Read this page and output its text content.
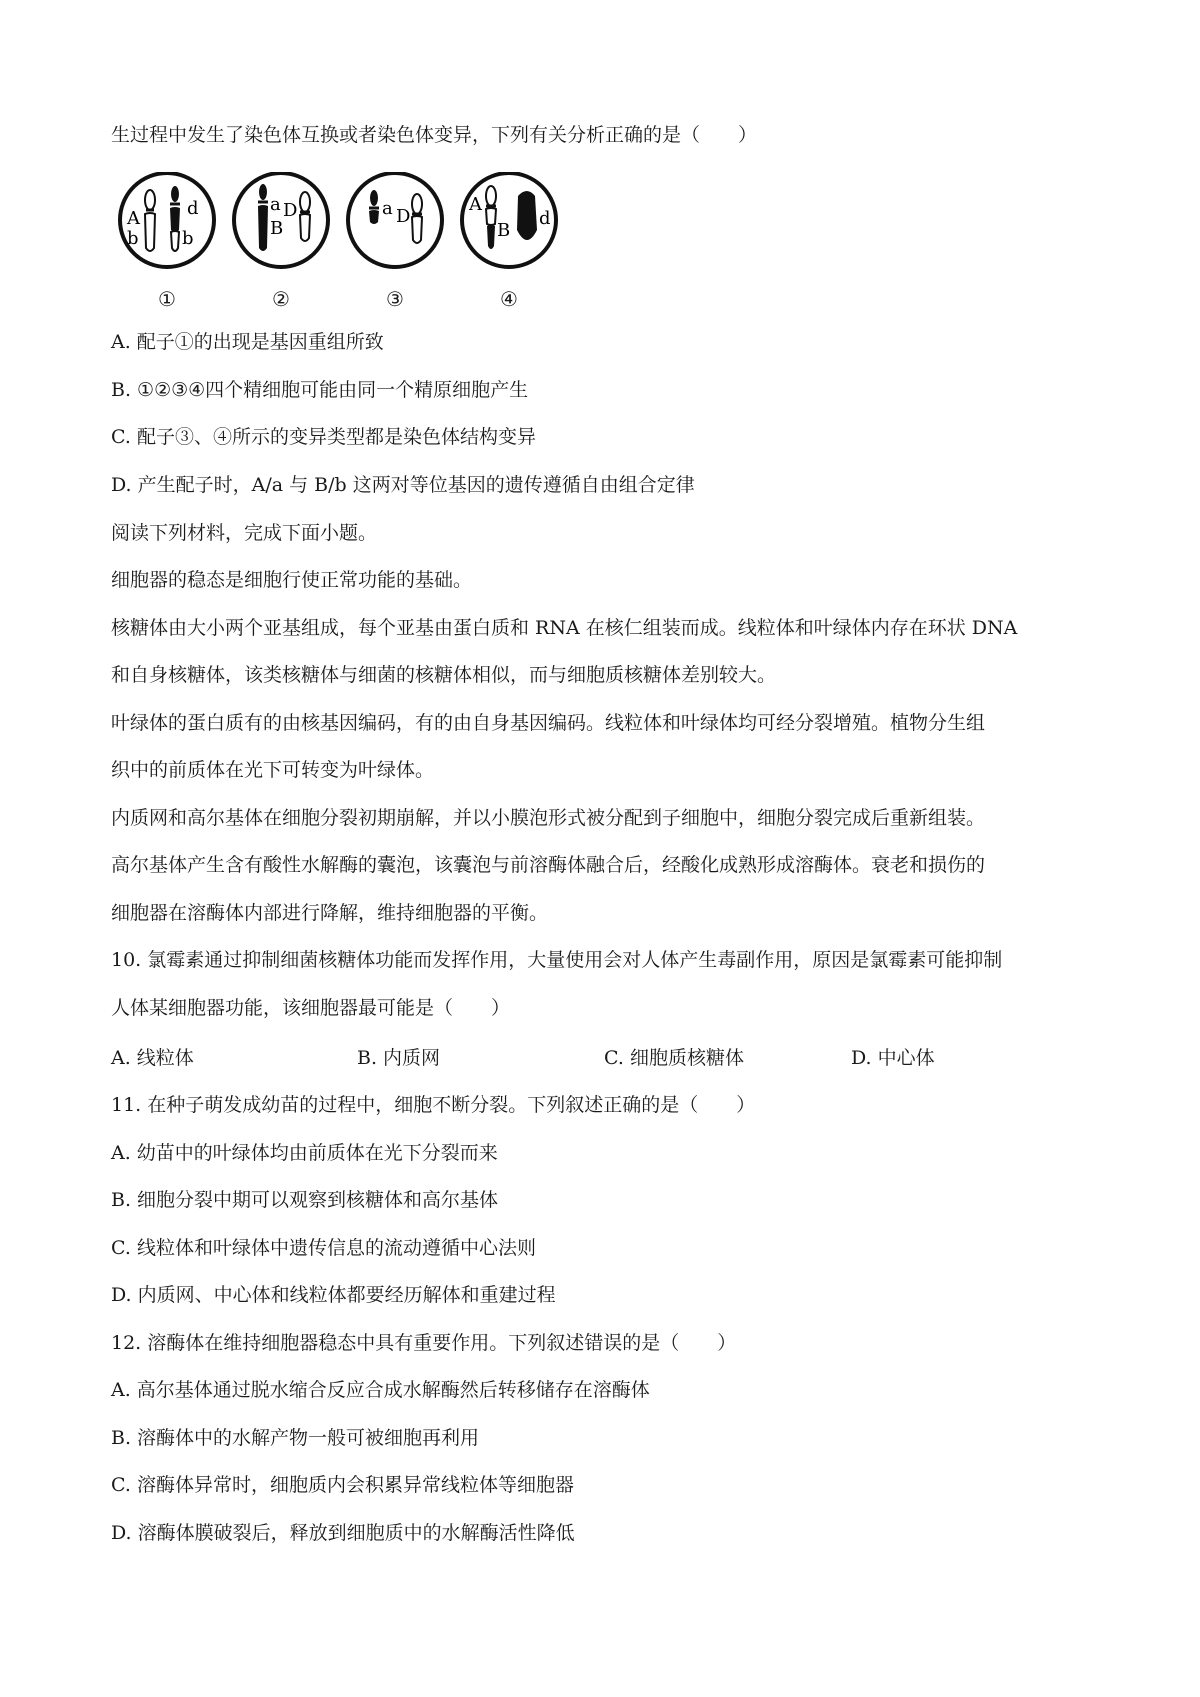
生过程中发生了染色体互换或者染色体变异，下列有关分析正确的是（　　）
A
b
d
b
①
a
B
D
②
a D
③
A
B
d
④
A. 配子①的出现是基因重组所致
B. ①②③④四个精细胞可能由同一个精原细胞产生
C. 配子③、④所示的变异类型都是染色体结构变异
D. 产生配子时，A/a 与 B/b 这两对等位基因的遗传遵循自由组合定律
阅读下列材料，完成下面小题。
细胞器的稳态是细胞行使正常功能的基础。
核糖体由大小两个亚基组成，每个亚基由蛋白质和 RNA 在核仁组装而成。线粒体和叶绿体内存在环状 DNA
和自身核糖体，该类核糖体与细菌的核糖体相似，而与细胞质核糖体差别较大。
叶绿体的蛋白质有的由核基因编码，有的由自身基因编码。线粒体和叶绿体均可经分裂增殖。植物分生组
织中的前质体在光下可转变为叶绿体。
内质网和高尔基体在细胞分裂初期崩解，并以小膜泡形式被分配到子细胞中，细胞分裂完成后重新组装。
高尔基体产生含有酸性水解酶的囊泡，该囊泡与前溶酶体融合后，经酸化成熟形成溶酶体。衰老和损伤的
细胞器在溶酶体内部进行降解，维持细胞器的平衡。
10. 氯霉素通过抑制细菌核糖体功能而发挥作用，大量使用会对人体产生毒副作用，原因是氯霉素可能抑制
人体某细胞器功能，该细胞器最可能是（　　）
A. 线粒体	B. 内质网	C. 细胞质核糖体	D. 中心体
11. 在种子萌发成幼苗的过程中，细胞不断分裂。下列叙述正确的是（　　）
A. 幼苗中的叶绿体均由前质体在光下分裂而来
B. 细胞分裂中期可以观察到核糖体和高尔基体
C. 线粒体和叶绿体中遗传信息的流动遵循中心法则
D. 内质网、中心体和线粒体都要经历解体和重建过程
12. 溶酶体在维持细胞器稳态中具有重要作用。下列叙述错误的是（　　）
A. 高尔基体通过脱水缩合反应合成水解酶然后转移储存在溶酶体
B. 溶酶体中的水解产物一般可被细胞再利用
C. 溶酶体异常时，细胞质内会积累异常线粒体等细胞器
D. 溶酶体膜破裂后，释放到细胞质中的水解酶活性降低
